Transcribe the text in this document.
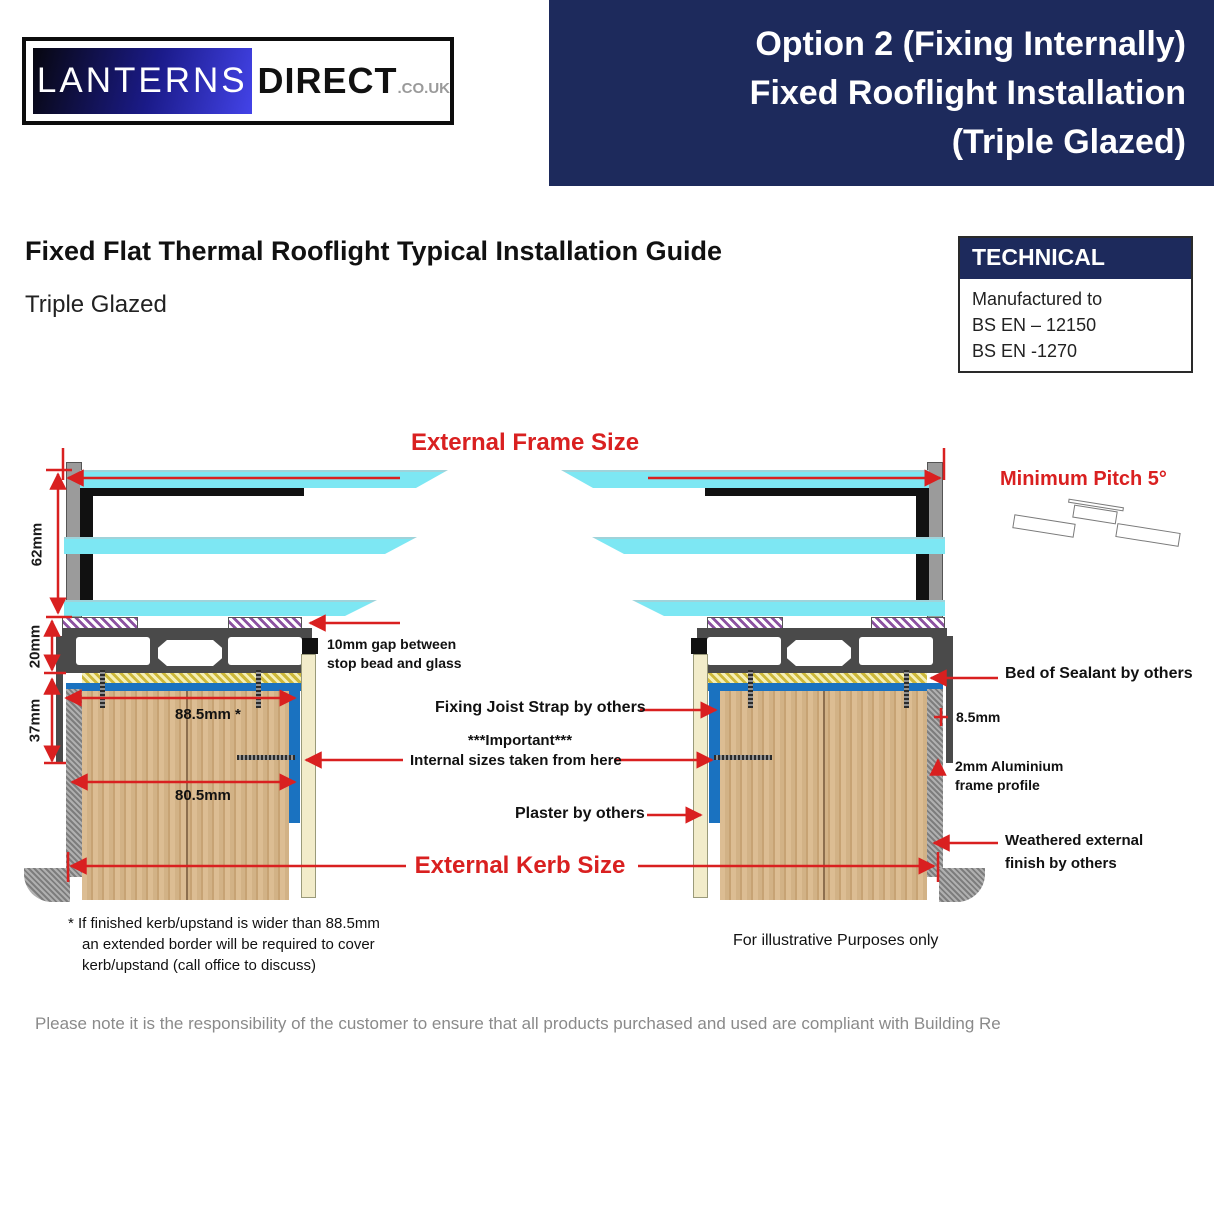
Option 2 (Fixing Internally)
Fixed Rooflight Installation
(Triple Glazed)
LANTERNS DIRECT .CO.UK
Fixed Flat Thermal Rooflight Typical Installation Guide
Triple Glazed
TECHNICAL
Manufactured to
BS EN – 12150
BS EN -1270
External Frame Size
External Kerb Size
62mm
20mm
37mm	88.5mm *
80.5mm
8.5mm
10mm gap between
stop bead and glass
Fixing Joist Strap by others
***Important***
Internal sizes taken from here
Plaster by others
Bed of Sealant by others
2mm Aluminium
frame profile
Weathered external
finish by others
Minimum Pitch 5°
* If finished kerb/upstand is wider than 88.5mm
an extended border will be required to cover
kerb/upstand (call office to discuss)
For illustrative Purposes only
Please note it is the responsibility of the customer to ensure that all products purchased and used are compliant with Building Re
